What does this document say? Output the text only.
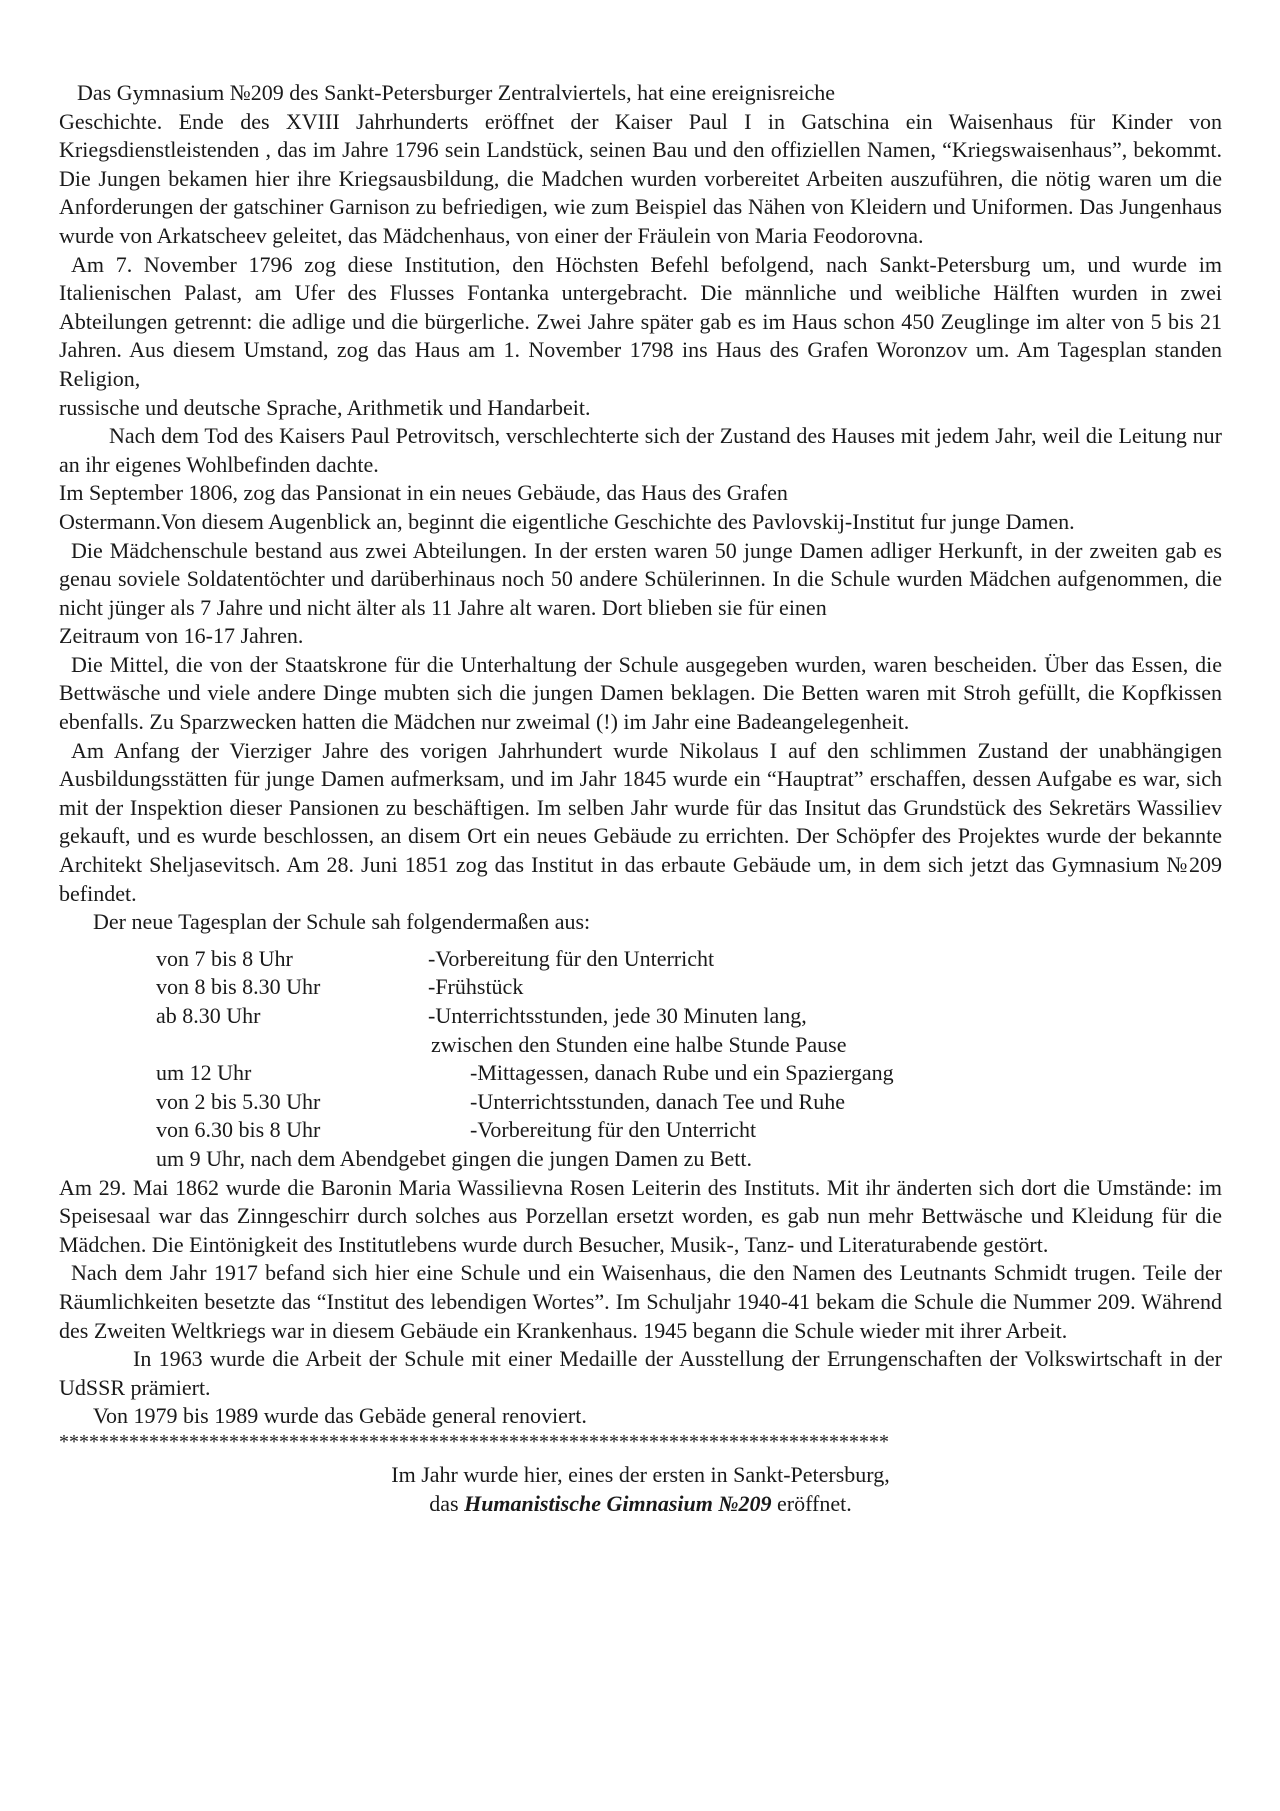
Das Gymnasium №209 des Sankt-Petersburger Zentralviertels, hat eine ereignisreiche

Geschichte. Ende des XVIII Jahrhunderts eröffnet der Kaiser Paul I in Gatschina ein Waisenhaus für Kinder von Kriegsdienstleistenden , das im Jahre 1796 sein Landstück, seinen Bau und den offiziellen Namen, “Kriegswaisenhaus”, bekommt. Die Jungen bekamen hier ihre Kriegsausbildung, die Madchen wurden vorbereitet Arbeiten auszuführen, die nötig waren um die Anforderungen der gatschiner Garnison zu befriedigen, wie zum Beispiel das Nähen von Kleidern und Uniformen. Das Jungenhaus wurde von Arkatscheev geleitet, das Mädchenhaus, von einer der Fräulein von Maria Feodorovna.

Am 7. November 1796 zog diese Institution, den Höchsten Befehl befolgend, nach Sankt-Petersburg um, und wurde im Italienischen Palast, am Ufer des Flusses Fontanka untergebracht. Die männliche und weibliche Hälften wurden in zwei Abteilungen getrennt: die adlige und die bürgerliche. Zwei Jahre später gab es im Haus schon 450 Zeuglinge im alter von 5 bis 21 Jahren. Aus diesem Umstand, zog das Haus am 1. November 1798 ins Haus des Grafen Woronzov um. Am Tagesplan standen Religion,

russische und deutsche Sprache, Arithmetik und Handarbeit.

Nach dem Tod des Kaisers Paul Petrovitsch, verschlechterte sich der Zustand des Hauses mit jedem Jahr, weil die Leitung nur an ihr eigenes Wohlbefinden dachte.

Im September 1806, zog das Pansionat in ein neues Gebäude, das Haus des Grafen

Ostermann.Von diesem Augenblick an, beginnt die eigentliche Geschichte des Pavlovskij-Institut fur junge Damen.

Die Mädchenschule bestand aus zwei Abteilungen. In der ersten waren 50 junge Damen adliger Herkunft, in der zweiten gab es genau soviele Soldatentöchter und darüberhinaus noch 50 andere Schülerinnen. In die Schule wurden Mädchen aufgenommen, die nicht jünger als 7 Jahre und nicht älter als 11 Jahre alt waren. Dort blieben sie für einen

Zeitraum von 16-17 Jahren.

Die Mittel, die von der Staatskrone für die Unterhaltung der Schule ausgegeben wurden, waren bescheiden. Über das Essen, die Bettwäsche und viele andere Dinge mubten sich die jungen Damen beklagen. Die Betten waren mit Stroh gefüllt, die Kopfkissen ebenfalls. Zu Sparzwecken hatten die Mädchen nur zweimal (!) im Jahr eine Badeangelegenheit.

Am Anfang der Vierziger Jahre des vorigen Jahrhundert wurde Nikolaus I auf den schlimmen Zustand der unabhängigen Ausbildungsstätten für junge Damen aufmerksam, und im Jahr 1845 wurde ein “Hauptrat” erschaffen, dessen Aufgabe es war, sich mit der Inspektion dieser Pansionen zu beschäftigen. Im selben Jahr wurde für das Insitut das Grundstück des Sekretärs Wassiliev gekauft, und es wurde beschlossen, an disem Ort ein neues Gebäude zu errichten. Der Schöpfer des Projektes wurde der bekannte Architekt Sheljasevitsch. Am 28. Juni 1851 zog das Institut in das erbaute Gebäude um, in dem sich jetzt das Gymnasium №209 befindet.

Der neue Tagesplan der Schule sah folgendermaßen aus:

von 7 bis 8 Uhr	-Vorbereitung für den Unterricht
von 8 bis 8.30 Uhr	-Frühstück
ab 8.30 Uhr	-Unterrichtsstunden, jede 30 Minuten lang,
zwischen den Stunden eine halbe Stunde Pause
um 12 Uhr	-Mittagessen, danach Rube und ein Spaziergang
von 2 bis 5.30 Uhr	-Unterrichtsstunden, danach Tee und Ruhe
von 6.30 bis 8 Uhr	-Vorbereitung für den Unterricht
um 9 Uhr, nach dem Abendgebet gingen die jungen Damen zu Bett.

Am 29. Mai 1862 wurde die Baronin Maria Wassilievna Rosen Leiterin des Instituts. Mit ihr änderten sich dort die Umstände: im Speisesaal war das Zinngeschirr durch solches aus Porzellan ersetzt worden, es gab nun mehr Bettwäsche und Kleidung für die Mädchen. Die Eintönigkeit des Institutlebens wurde durch Besucher, Musik-, Tanz- und Literaturabende gestört.

Nach dem Jahr 1917 befand sich hier eine Schule und ein Waisenhaus, die den Namen des Leutnants Schmidt trugen. Teile der Räumlichkeiten besetzte das “Institut des lebendigen Wortes”. Im Schuljahr 1940-41 bekam die Schule die Nummer 209. Während des Zweiten Weltkriegs war in diesem Gebäude ein Krankenhaus. 1945 begann die Schule wieder mit ihrer Arbeit.

In 1963 wurde die Arbeit der Schule mit einer Medaille der Ausstellung der Errungenschaften der Volkswirtschaft in der UdSSR prämiert.

Von 1979 bis 1989 wurde das Gebäde general renoviert.

***********************************************************************************
Im Jahr wurde hier, eines der ersten in Sankt-Petersburg,
das Humanistische Gimnasium №209 eröffnet.
